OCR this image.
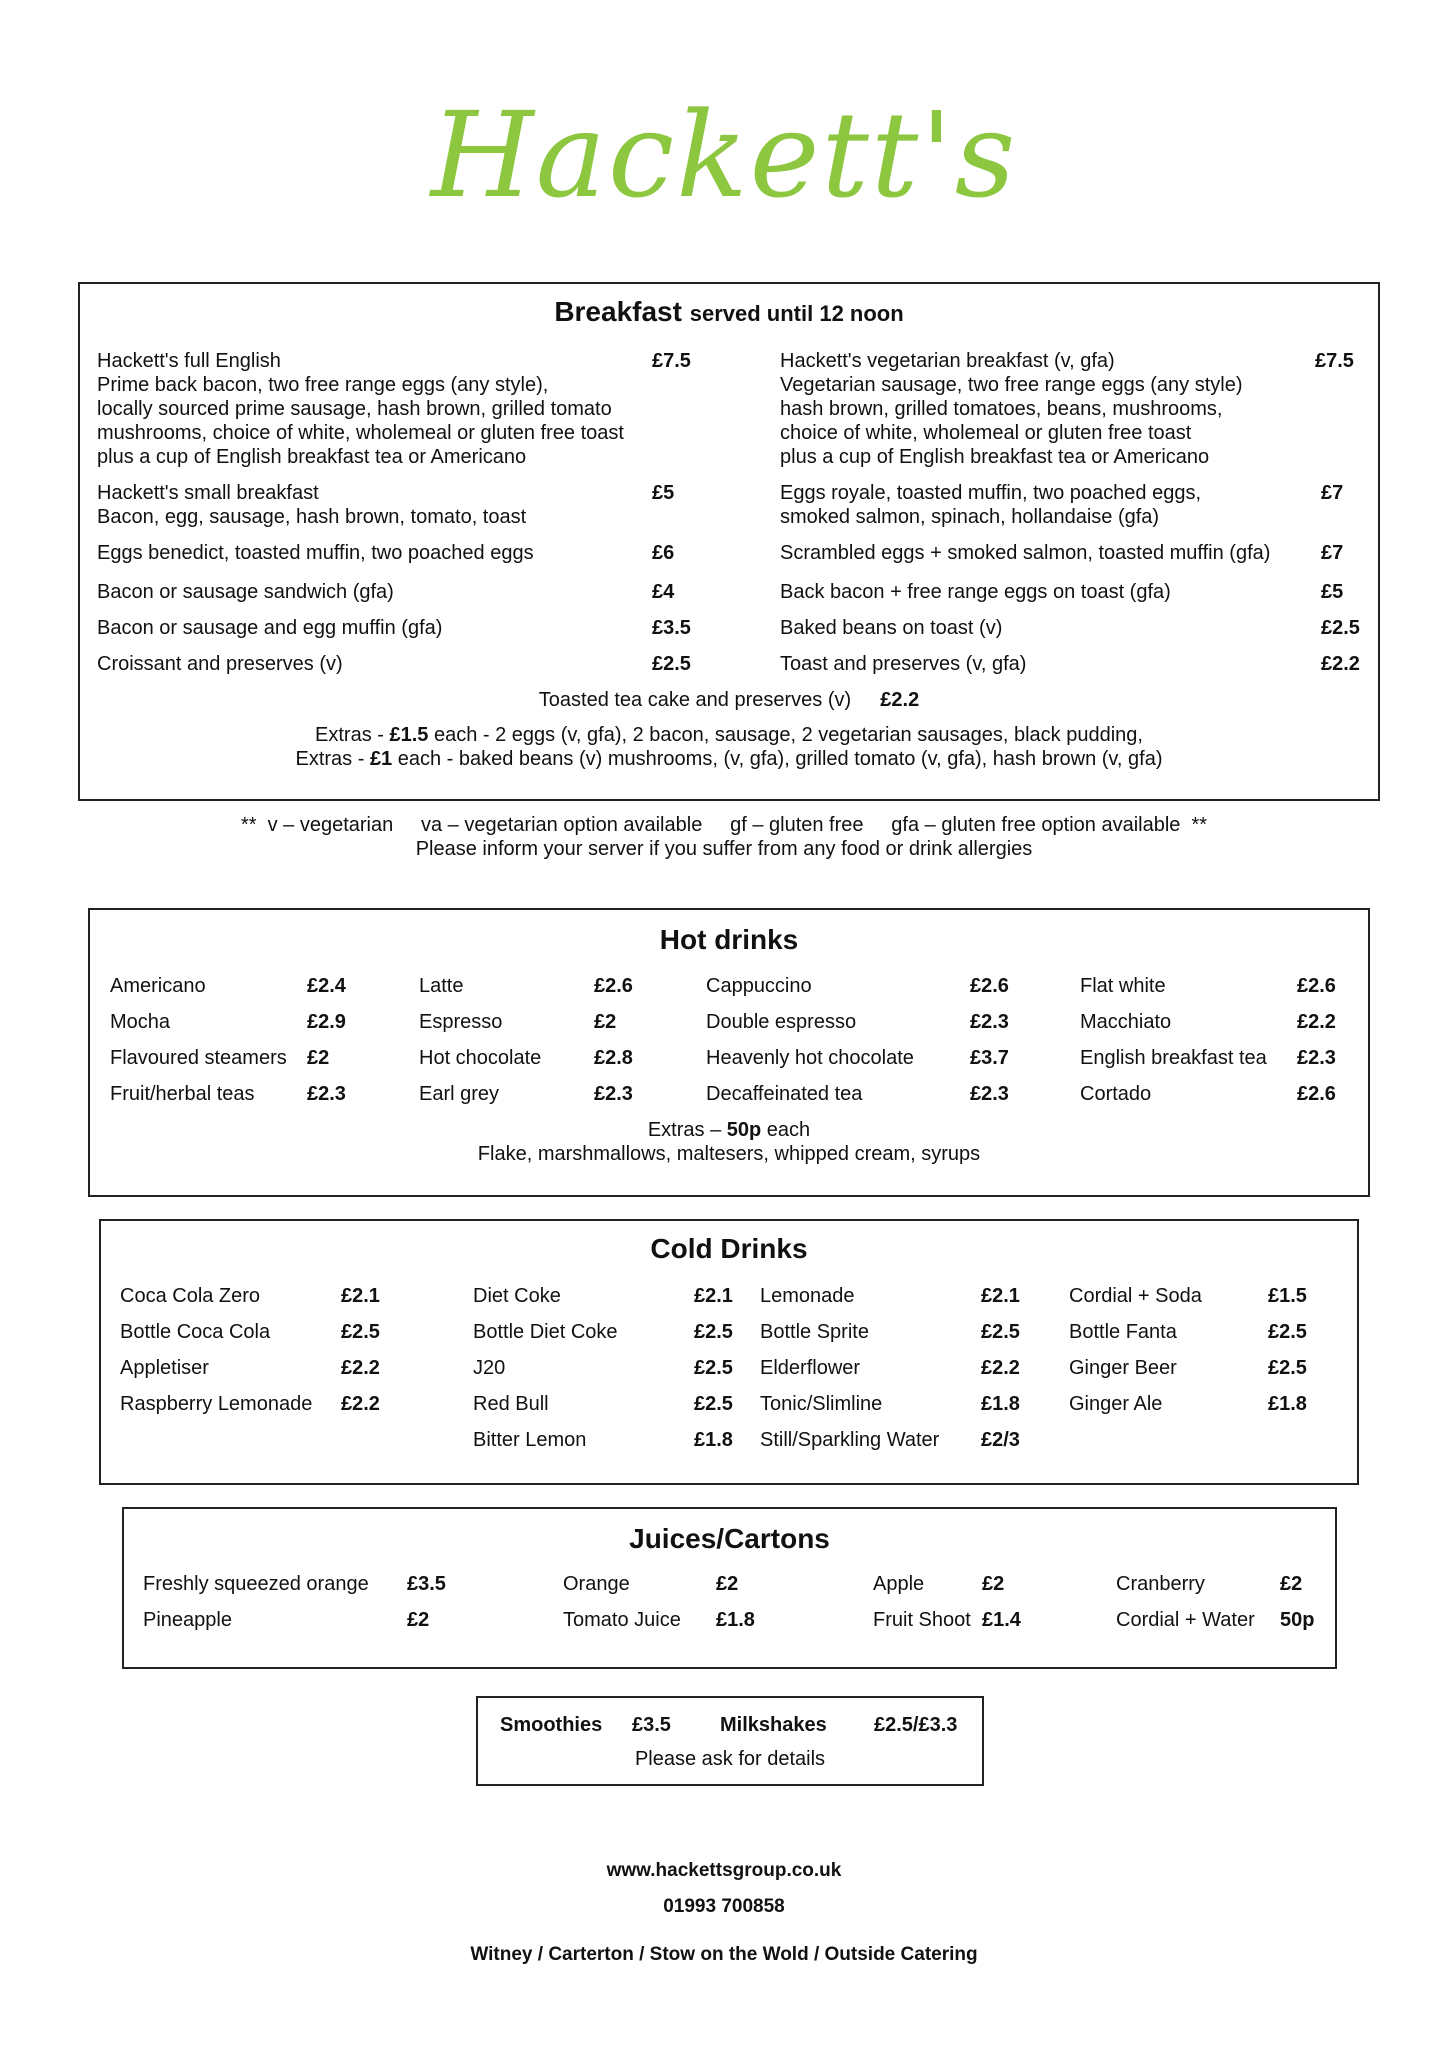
Hackett's
Breakfast served until 12 noon
Hackett's full English	£7.5
Prime back bacon, two free range eggs (any style),
locally sourced prime sausage, hash brown, grilled tomato
mushrooms, choice of white, wholemeal or gluten free toast
plus a cup of English breakfast tea or Americano
Hackett's small breakfast	£5
Bacon, egg, sausage, hash brown, tomato, toast
Eggs benedict, toasted muffin, two poached eggs	£6
Bacon or sausage sandwich (gfa)	£4
Bacon or sausage and egg muffin (gfa)	£3.5
Croissant and preserves (v)	£2.5
Hackett's vegetarian breakfast (v, gfa)	£7.5
Vegetarian sausage, two free range eggs (any style)
hash brown, grilled tomatoes, beans, mushrooms,
choice of white, wholemeal or gluten free toast
plus a cup of English breakfast tea or Americano
Eggs royale, toasted muffin, two poached eggs,	£7
smoked salmon, spinach, hollandaise (gfa)
Scrambled eggs + smoked salmon, toasted muffin (gfa)	£7
Back bacon + free range eggs on toast (gfa)	£5
Baked beans on toast (v)	£2.5
Toast and preserves (v, gfa)	£2.2
Toasted tea cake and preserves (v) £2.2
Extras - £1.5 each - 2 eggs (v, gfa), 2 bacon, sausage, 2 vegetarian sausages, black pudding,
Extras - £1 each - baked beans (v) mushrooms, (v, gfa), grilled tomato (v, gfa), hash brown (v, gfa)
**  v – vegetarian     va – vegetarian option available     gf – gluten free     gfa – gluten free option available  **
Please inform your server if you suffer from any food or drink allergies
Hot drinks
Americano	£2.4
Mocha	£2.9
Flavoured steamers £2
Fruit/herbal teas	£2.3
Latte	£2.6
Espresso	£2
Hot chocolate	£2.8
Earl grey	£2.3
Cappuccino	£2.6
Double espresso	£2.3
Heavenly hot chocolate	£3.7
Decaffeinated tea	£2.3
Flat white	£2.6
Macchiato	£2.2
English breakfast tea £2.3
Cortado	£2.6
Extras – 50p each
Flake, marshmallows, maltesers, whipped cream, syrups
Cold Drinks
Coca Cola Zero	£2.1
Bottle Coca Cola	£2.5
Appletiser	£2.2
Raspberry Lemonade £2.2
Diet Coke	£2.1
Bottle Diet Coke	£2.5
J20	£2.5
Red Bull	£2.5
Bitter Lemon	£1.8
Lemonade	£2.1
Bottle Sprite	£2.5
Elderflower	£2.2
Tonic/Slimline	£1.8
Still/Sparkling Water £2/3
Cordial + Soda	£1.5
Bottle Fanta	£2.5
Ginger Beer	£2.5
Ginger Ale	£1.8
Juices/Cartons
Freshly squeezed orange £3.5
Pineapple	£2
Orange	£2
Tomato Juice £1.8
Apple	£2
Fruit Shoot £1.4
Cranberry	£2
Cordial + Water 50p
Smoothies £3.5 Milkshakes £2.5/£3.3
Please ask for details
www.hackettsgroup.co.uk
01993 700858
Witney / Carterton / Stow on the Wold / Outside Catering
